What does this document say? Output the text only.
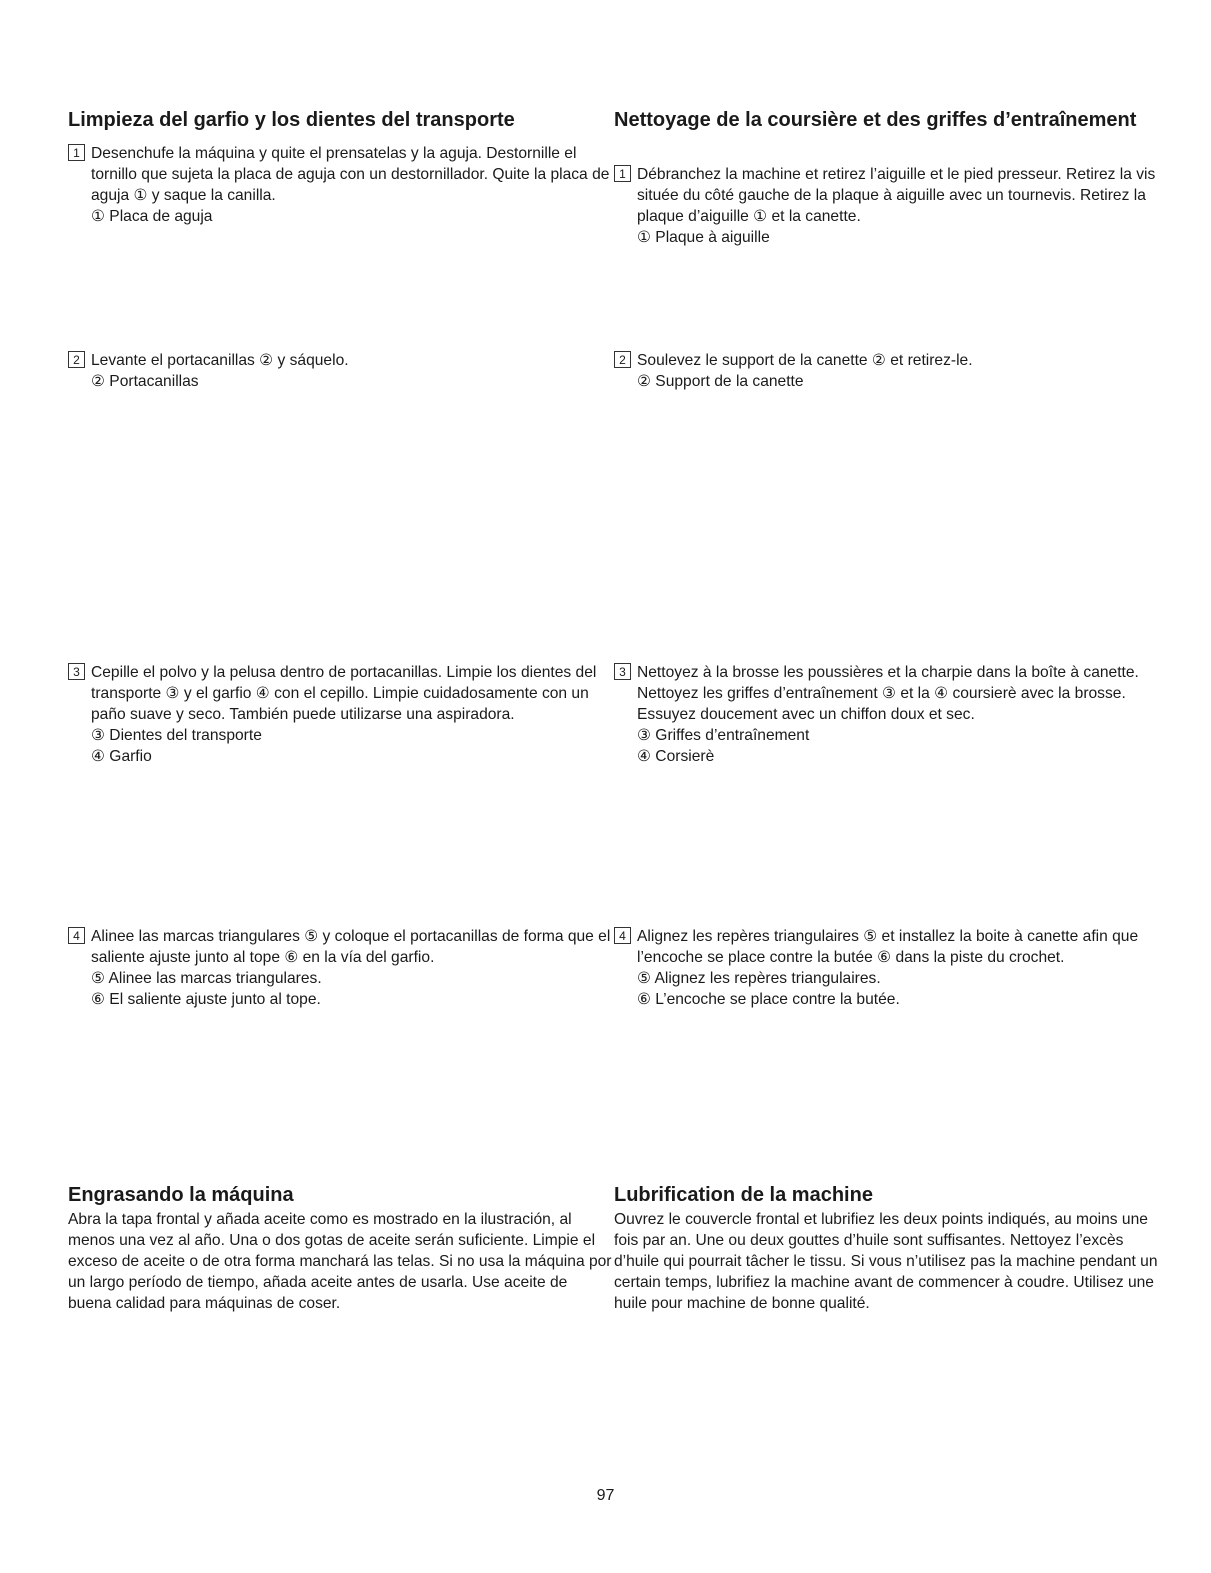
Limpieza del garfio y los dientes del transporte
1 Desenchufe la máquina y quite el prensatelas y la aguja. Destornille el tornillo que sujeta la placa de aguja con un destornillador. Quite la placa de aguja ① y saque la canilla.
① Placa de aguja
2 Levante el portacanillas ② y sáquelo.
② Portacanillas
3 Cepille el polvo y la pelusa dentro de portacanillas. Limpie los dientes del transporte ③ y el garfio ④ con el cepillo. Limpie cuidadosamente con un paño suave y seco. También puede utilizarse una aspiradora.
③ Dientes del transporte
④ Garfio
4 Alinee las marcas triangulares ⑤ y coloque el portacanillas de forma que el saliente ajuste junto al tope ⑥ en la vía del garfio.
⑤ Alinee las marcas triangulares.
⑥ El saliente ajuste junto al tope.
Engrasando la máquina

Abra la tapa frontal y añada aceite como es mostrado en la ilustración, al menos una vez al año. Una o dos gotas de aceite serán suficiente. Limpie el exceso de aceite o de otra forma manchará las telas. Si no usa la máquina por un largo período de tiempo, añada aceite antes de usarla. Use aceite de buena calidad para máquinas de coser.

Nettoyage de la coursière et des griffes d’entraînement
1 Débranchez la machine et retirez l’aiguille et le pied presseur. Retirez la vis située du côté gauche de la plaque à aiguille avec un tournevis. Retirez la plaque d’aiguille ① et la canette.
① Plaque à aiguille
2 Soulevez le support de la canette ② et retirez-le.
② Support de la canette
3 Nettoyez à la brosse les poussières et la charpie dans la boîte à canette. Nettoyez les griffes d’entraînement ③ et la ④ coursierè avec la brosse. Essuyez doucement avec un chiffon doux et sec.
③ Griffes d’entraînement
④ Corsierè
4 Alignez les repères triangulaires ⑤ et installez la boite à canette afin que l’encoche se place contre la butée ⑥ dans la piste du crochet.
⑤ Alignez les repères triangulaires.
⑥ L’encoche se place contre la butée.
Lubrification de la machine

Ouvrez le couvercle frontal et lubrifiez les deux points indiqués, au moins une fois par an. Une ou deux gouttes d’huile sont suffisantes. Nettoyez l’excès d’huile qui pourrait tâcher le tissu. Si vous n’utilisez pas la machine pendant un certain temps, lubrifiez la machine avant de commencer à coudre. Utilisez une huile pour machine de bonne qualité.

97
